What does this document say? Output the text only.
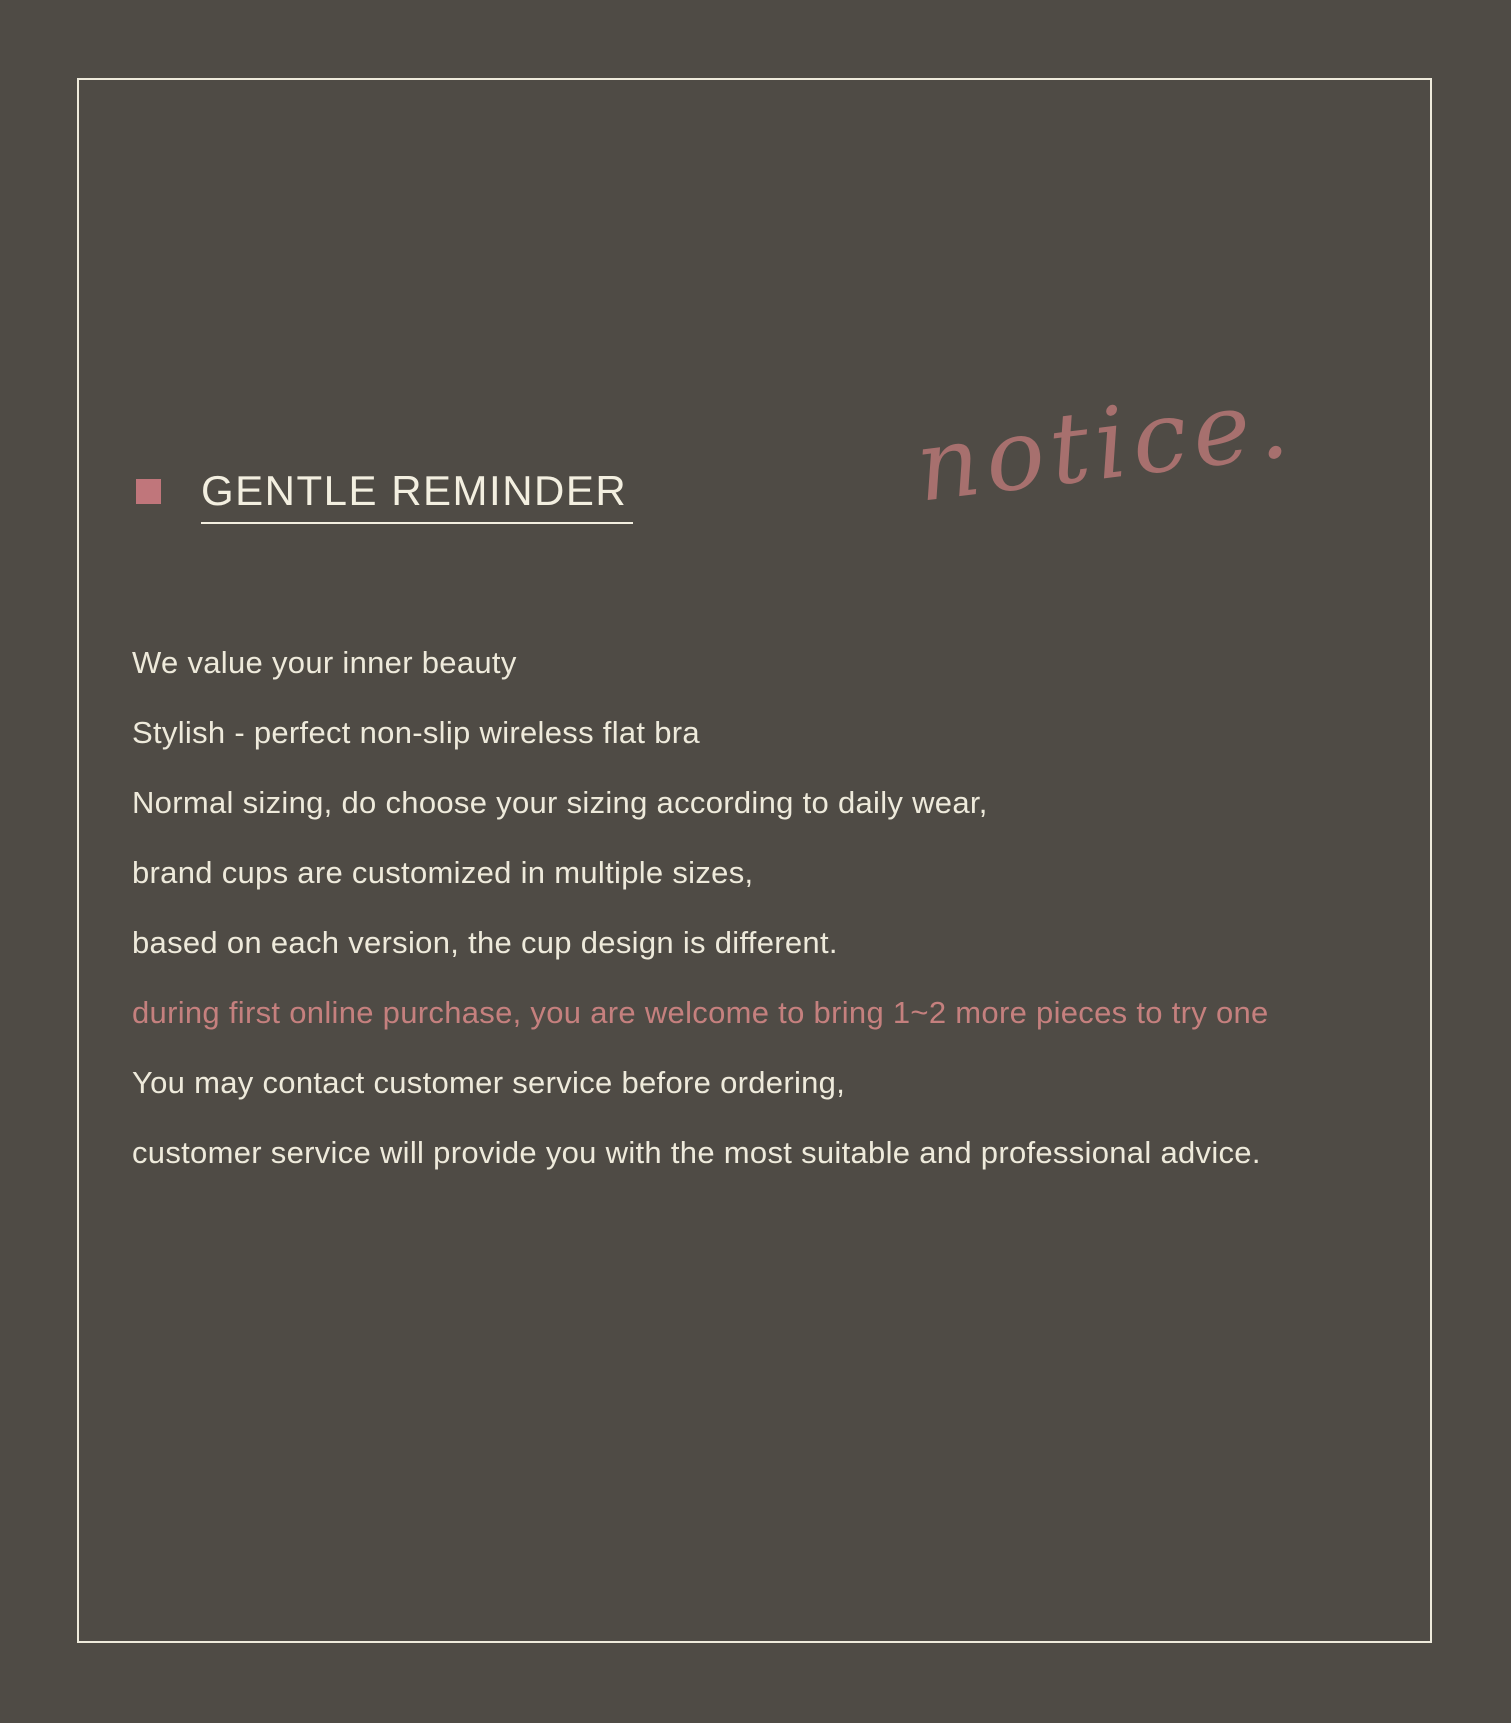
GENTLE REMINDER	notice.
We value your inner beauty
Stylish - perfect non-slip wireless flat bra
Normal sizing, do choose your sizing according to daily wear,
brand cups are customized in multiple sizes,
based on each version, the cup design is different.
during first online purchase, you are welcome to bring 1~2 more pieces to try one
You may contact customer service before ordering,
customer service will provide you with the most suitable and professional advice.
